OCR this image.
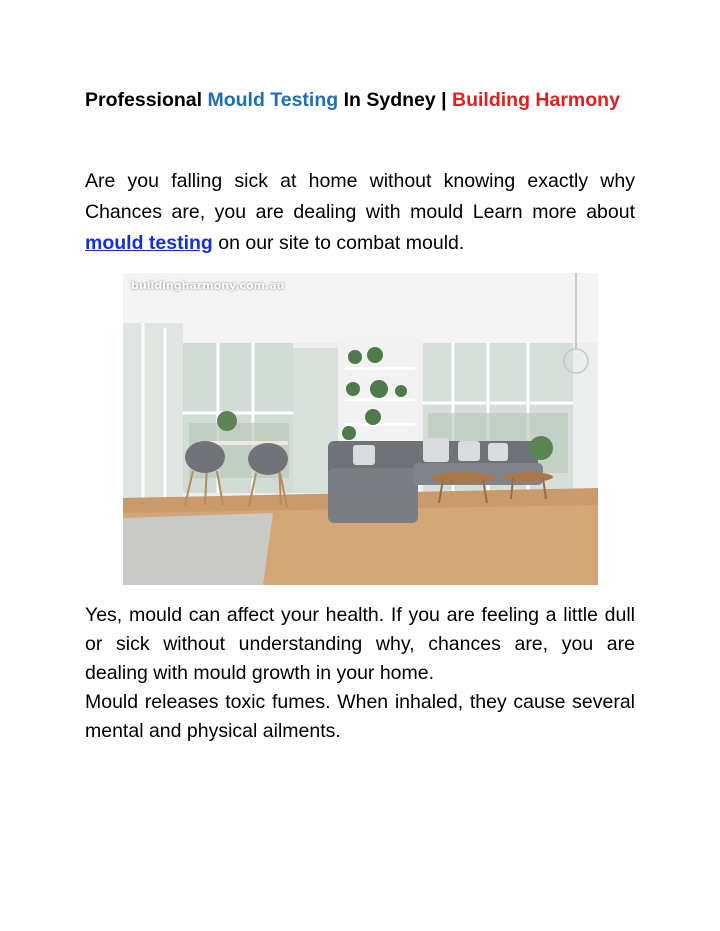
Professional Mould Testing In Sydney | Building Harmony
Are you falling sick at home without knowing exactly why Chances are, you are dealing with mould Learn more about mould testing on our site to combat mould.
buildingharmony.com.au

Yes, mould can affect your health. If you are feeling a little dull or sick without understanding why, chances are, you are dealing with mould growth in your home.

Mould releases toxic fumes. When inhaled, they cause several mental and physical ailments.
